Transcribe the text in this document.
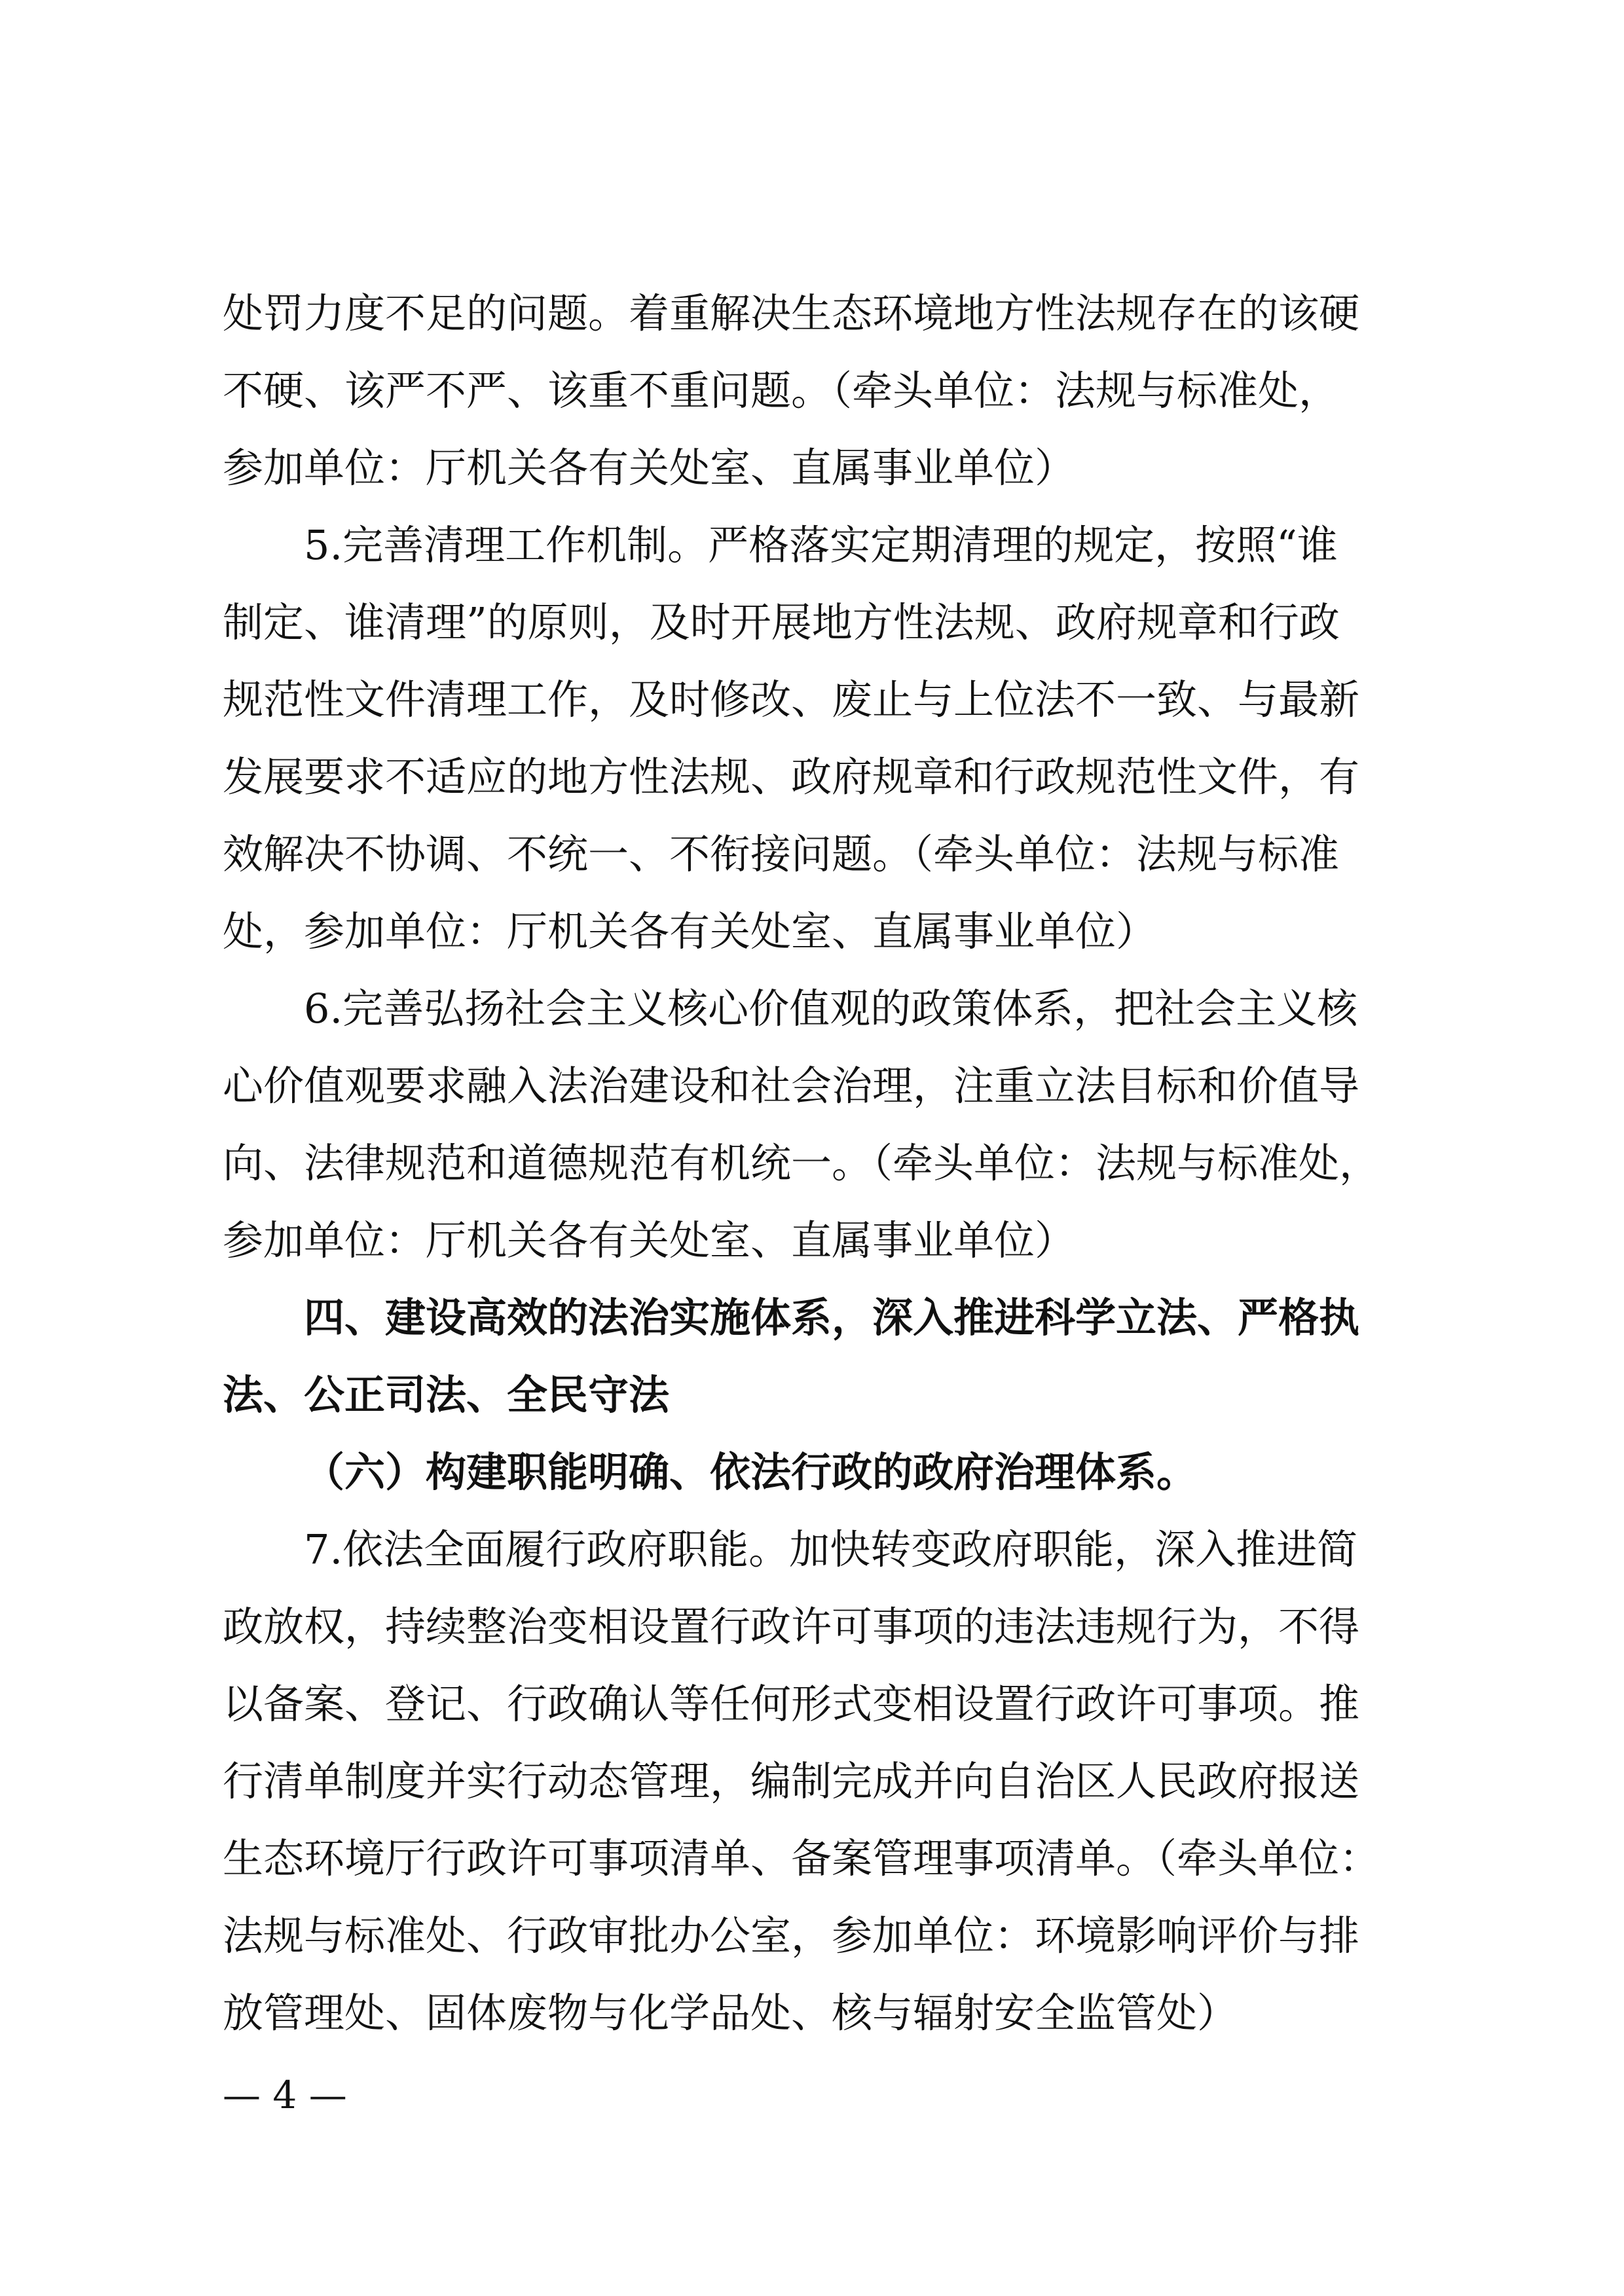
处罚力度不足的问题。着重解决生态环境地方性法规存在的该硬
不硬、该严不严、该重不重问题。（牵头单位：法规与标准处，
参加单位：厅机关各有关处室、直属事业单位）
5.完善清理工作机制。严格落实定期清理的规定，按照“谁
制定、谁清理”的原则，及时开展地方性法规、政府规章和行政
规范性文件清理工作，及时修改、废止与上位法不一致、与最新
发展要求不适应的地方性法规、政府规章和行政规范性文件，有
效解决不协调、不统一、不衔接问题。（牵头单位：法规与标准
处，参加单位：厅机关各有关处室、直属事业单位）
6.完善弘扬社会主义核心价值观的政策体系，把社会主义核
心价值观要求融入法治建设和社会治理，注重立法目标和价值导
向、法律规范和道德规范有机统一。（牵头单位：法规与标准处，
参加单位：厅机关各有关处室、直属事业单位）
四、建设高效的法治实施体系，深入推进科学立法、严格执
法、公正司法、全民守法
（六）构建职能明确、依法行政的政府治理体系。
7.依法全面履行政府职能。加快转变政府职能，深入推进简
政放权，持续整治变相设置行政许可事项的违法违规行为，不得
以备案、登记、行政确认等任何形式变相设置行政许可事项。推
行清单制度并实行动态管理，编制完成并向自治区人民政府报送
生态环境厅行政许可事项清单、备案管理事项清单。（牵头单位：
法规与标准处、行政审批办公室，参加单位：环境影响评价与排
放管理处、固体废物与化学品处、核与辐射安全监管处）
— 4 —
